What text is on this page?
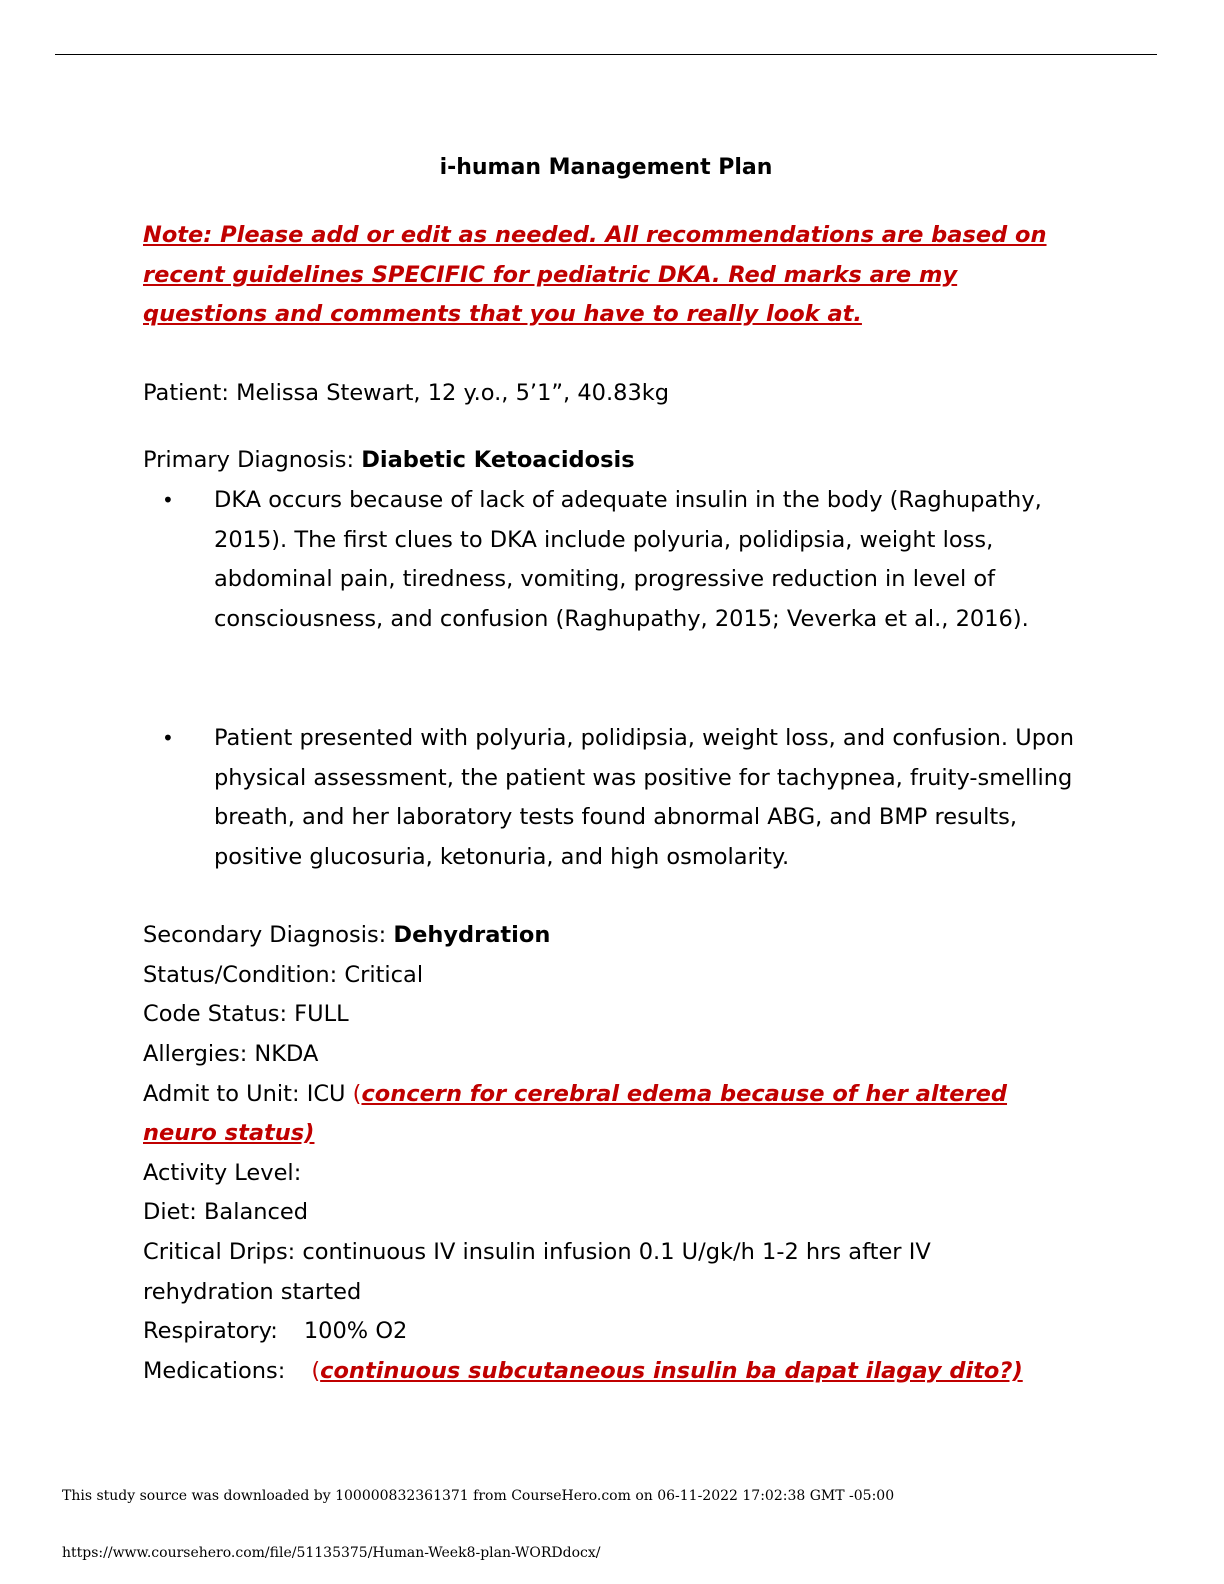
i-human Management Plan
Note: Please add or edit as needed. All recommendations are based on recent guidelines SPECIFIC for pediatric DKA. Red marks are my questions and comments that you have to really look at.
Patient: Melissa Stewart, 12 y.o., 5’1”, 40.83kg
Primary Diagnosis: Diabetic Ketoacidosis
• DKA occurs because of lack of adequate insulin in the body (Raghupathy, 2015). The first clues to DKA include polyuria, polidipsia, weight loss, abdominal pain, tiredness, vomiting, progressive reduction in level of consciousness, and confusion (Raghupathy, 2015; Veverka et al., 2016).
• Patient presented with polyuria, polidipsia, weight loss, and confusion. Upon physical assessment, the patient was positive for tachypnea, fruity-smelling breath, and her laboratory tests found abnormal ABG, and BMP results, positive glucosuria, ketonuria, and high osmolarity.
Secondary Diagnosis: Dehydration
Status/Condition: Critical
Code Status: FULL
Allergies: NKDA
Admit to Unit: ICU (concern for cerebral edema because of her altered
neuro status)
Activity Level:
Diet: Balanced
Critical Drips: continuous IV insulin infusion 0.1 U/gk/h 1-2 hrs after IV rehydration started
Respiratory: 100% O2
Medications: (continuous subcutaneous insulin ba dapat ilagay dito?)
This study source was downloaded by 100000832361371 from CourseHero.com on 06-11-2022 17:02:38 GMT -05:00
https://www.coursehero.com/file/51135375/Human-Week8-plan-WORDdocx/
